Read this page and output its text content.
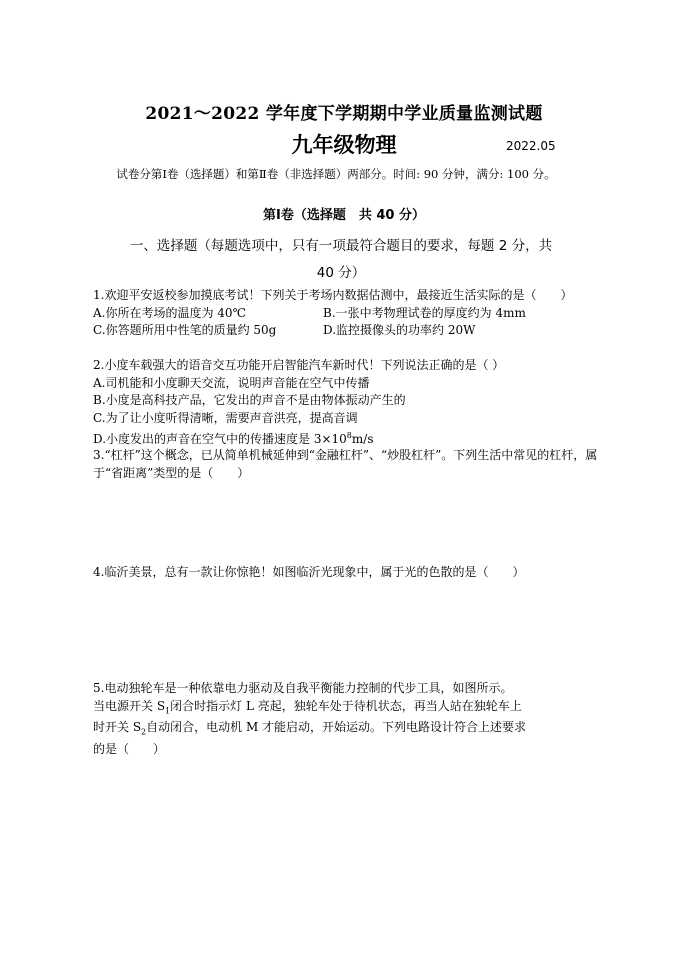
2021～2022 学年度下学期期中学业质量监测试题
九年级物理	2022.05
试卷分第Ⅰ卷（选择题）和第Ⅱ卷（非选择题）两部分。时间: 90 分钟，满分: 100 分。
第Ⅰ卷（选择题　共 40 分）
一、选择题（每题选项中，只有一项最符合题目的要求，每题 2 分，共
40 分）
1.欢迎平安返校参加摸底考试！下列关于考场内数据估测中，最接近生活实际的是（　　）
A.你所在考场的温度为 40℃	B.一张中考物理试卷的厚度约为 4mm
C.你答题所用中性笔的质量约 50g	D.监控摄像头的功率约 20W
2.小度车载强大的语音交互功能开启智能汽车新时代！下列说法正确的是（ ）
A.司机能和小度聊天交流，说明声音能在空气中传播
B.小度是高科技产品，它发出的声音不是由物体振动产生的
C.为了让小度听得清晰，需要声音洪亮，提高音调
D.小度发出的声音在空气中的传播速度是 $3\times 10^8m/s$
3.“杠杆”这个概念，已从简单机械延伸到“金融杠杆”、“炒股杠杆”。下列生活中常见的杠杆，属于“省距离”类型的是（　　）
4.临沂美景，总有一款让你惊艳！如图临沂光现象中，属于光的色散的是（　　）
5.电动独轮车是一种依靠电力驱动及自我平衡能力控制的代步工具，如图所示。
当电源开关 $S_1$闭合时指示灯 L 亮起，独轮车处于待机状态，再当人站在独轮车上
时开关 $S_2$自动闭合，电动机 M 才能启动，开始运动。下列电路设计符合上述要求
的是（　　）
